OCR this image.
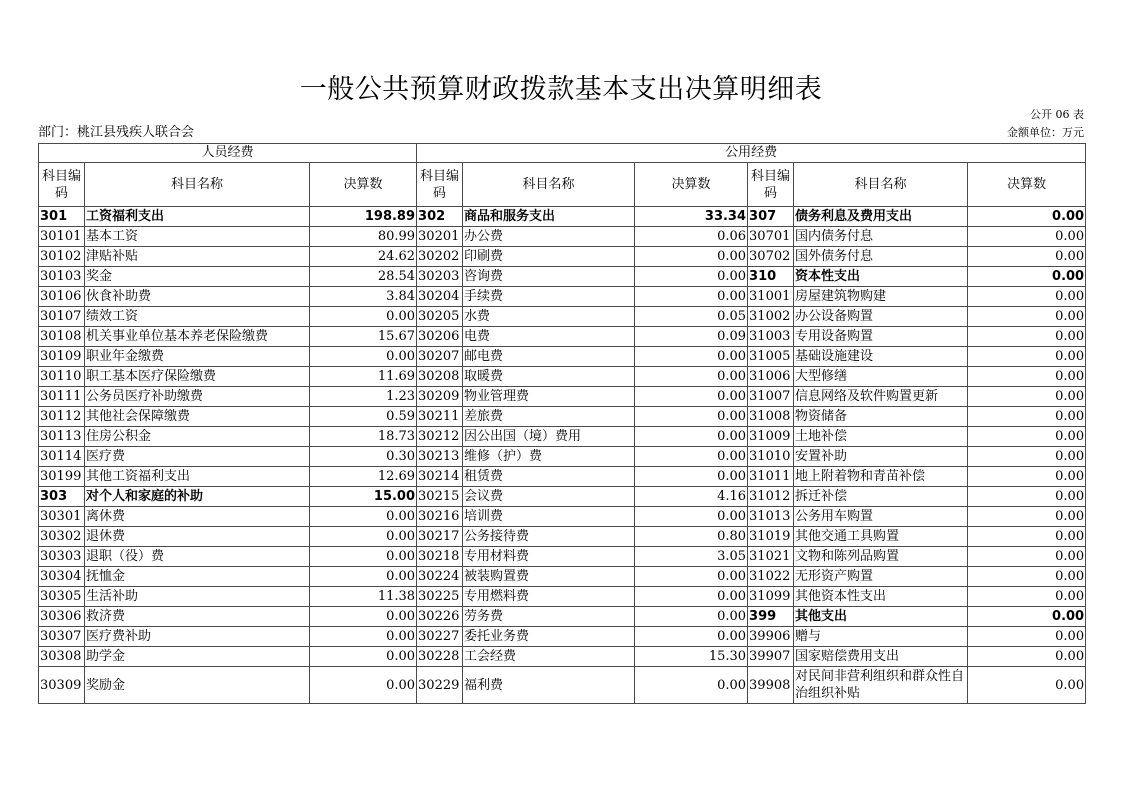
一般公共预算财政拨款基本支出决算明细表
公开 06 表
部门：桃江县残疾人联合会	金额单位：万元
人员经费			公用经费					
科目编码	科目名称	决算数	科目编码	科目名称	决算数	科目编码	科目名称	决算数
301	工资福利支出	198.89	302	商品和服务支出	33.34	307	债务利息及费用支出	0.00
30101	基本工资	80.99	30201	办公费	0.06	30701	国内债务付息	0.00
30102	津贴补贴	24.62	30202	印刷费	0.00	30702	国外债务付息	0.00
30103	奖金	28.54	30203	咨询费	0.00	310	资本性支出	0.00
30106	伙食补助费	3.84	30204	手续费	0.00	31001	房屋建筑物购建	0.00
30107	绩效工资	0.00	30205	水费	0.05	31002	办公设备购置	0.00
30108	机关事业单位基本养老保险缴费	15.67	30206	电费	0.09	31003	专用设备购置	0.00
30109	职业年金缴费	0.00	30207	邮电费	0.00	31005	基础设施建设	0.00
30110	职工基本医疗保险缴费	11.69	30208	取暖费	0.00	31006	大型修缮	0.00
30111	公务员医疗补助缴费	1.23	30209	物业管理费	0.00	31007	信息网络及软件购置更新	0.00
30112	其他社会保障缴费	0.59	30211	差旅费	0.00	31008	物资储备	0.00
30113	住房公积金	18.73	30212	因公出国（境）费用	0.00	31009	土地补偿	0.00
30114	医疗费	0.30	30213	维修（护）费	0.00	31010	安置补助	0.00
30199	其他工资福利支出	12.69	30214	租赁费	0.00	31011	地上附着物和青苗补偿	0.00
303	对个人和家庭的补助	15.00	30215	会议费	4.16	31012	拆迁补偿	0.00
30301	离休费	0.00	30216	培训费	0.00	31013	公务用车购置	0.00
30302	退休费	0.00	30217	公务接待费	0.80	31019	其他交通工具购置	0.00
30303	退职（役）费	0.00	30218	专用材料费	3.05	31021	文物和陈列品购置	0.00
30304	抚恤金	0.00	30224	被装购置费	0.00	31022	无形资产购置	0.00
30305	生活补助	11.38	30225	专用燃料费	0.00	31099	其他资本性支出	0.00
30306	救济费	0.00	30226	劳务费	0.00	399	其他支出	0.00
30307	医疗费补助	0.00	30227	委托业务费	0.00	39906	赠与	0.00
30308	助学金	0.00	30228	工会经费	15.30	39907	国家赔偿费用支出	0.00
30309	奖励金	0.00	30229	福利费	0.00	39908	对民间非营利组织和群众性自治组织补贴	0.00
